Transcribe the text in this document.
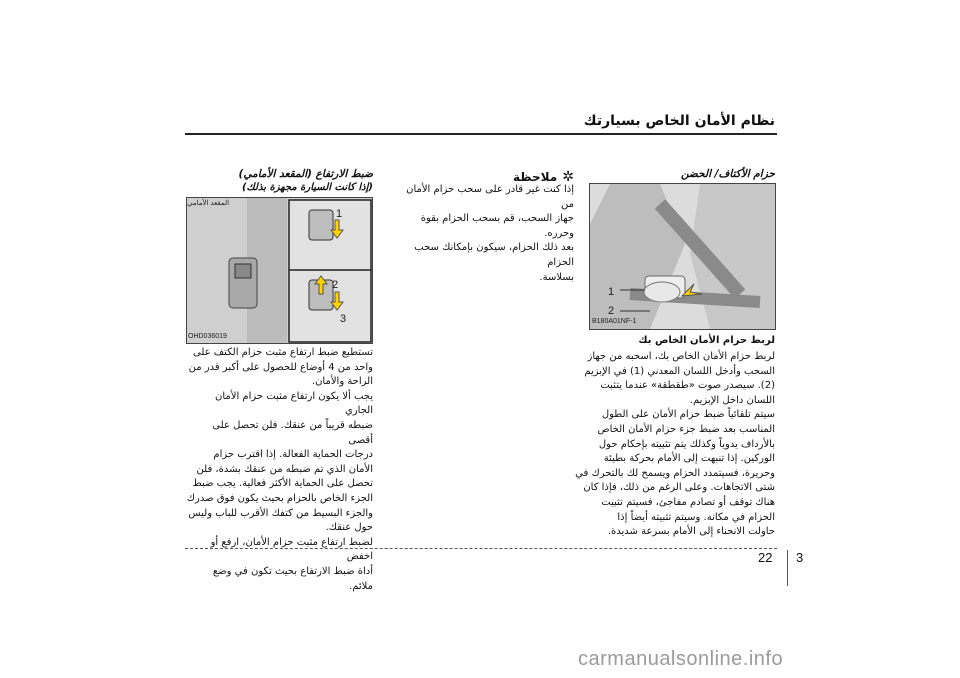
نظام الأمان الخاص بسيارتك
حزام الأكتاف/ الحضن
1
2
B180A01NF-1
لربط حزام الأمان الخاص بك
لربط حزام الأمان الخاص بك، اسحبه من جهاز
السحب وأدخل اللسان المعدني (1) في الإبزيم
(2). سيصدر صوت «طقطقة» عندما يتثبت
اللسان داخل الإبزيم.
سيتم تلقائياً ضبط حزام الأمان على الطول
المناسب بعد ضبط جزء حزام الأمان الخاص
بالأرداف يدوياً وكذلك يتم تثبيته بإحكام حول
الوركين. إذا تنبهت إلى الأمام بحركة بطيئة
وحريرة، فسيتمدد الحزام ويسمح لك بالتحرك في
شتى الاتجاهات. وعلى الرغم من ذلك، فإذا كان
هناك توقف أو تصادم مفاجئ، فسيتم تثبيت
الحزام في مكانه. وسيتم تثبيته أيضاً إذا
حاولت الانحناء إلى الأمام بسرعة شديدة.
✲ ملاحظة
إذا كنت غير قادر على سحب حزام الأمان من
جهاز السحب، قم بسحب الحزام بقوة وحرره.
بعد ذلك الحزام، سيكون بإمكانك سحب الحزام
بسلاسة.
ضبط الارتفاع (المقعد الأمامي)
(إذا كانت السيارة مجهزة بذلك)
المقعد الأمامي
1
2
3
OHD036019
تستطيع ضبط ارتفاع مثبت حزام الكتف على
واحد من 4 أوضاع للحصول على أكبر قدر من
الراحة والأمان.
يجب ألا يكون ارتفاع مثبت حزام الأمان الجاري
ضبطه قريباً من عنقك. فلن تحصل على أقصى
درجات الحماية الفعالة. إذا اقترب حزام
الأمان الذي تم ضبطه من عنقك بشدة، فلن
تحصل على الحماية الأكثر فعالية. يجب ضبط
الجزء الخاص بالحزام بحيث يكون فوق صدرك
والجزء البسيط من كتفك الأقرب للباب وليس
حول عنقك.
لضبط ارتفاع مثبت حزام الأمان، ارفع أو اخفض
أداة ضبط الارتفاع بحيث تكون في وضع
ملائم.
22 3
carmanualsonline.info
